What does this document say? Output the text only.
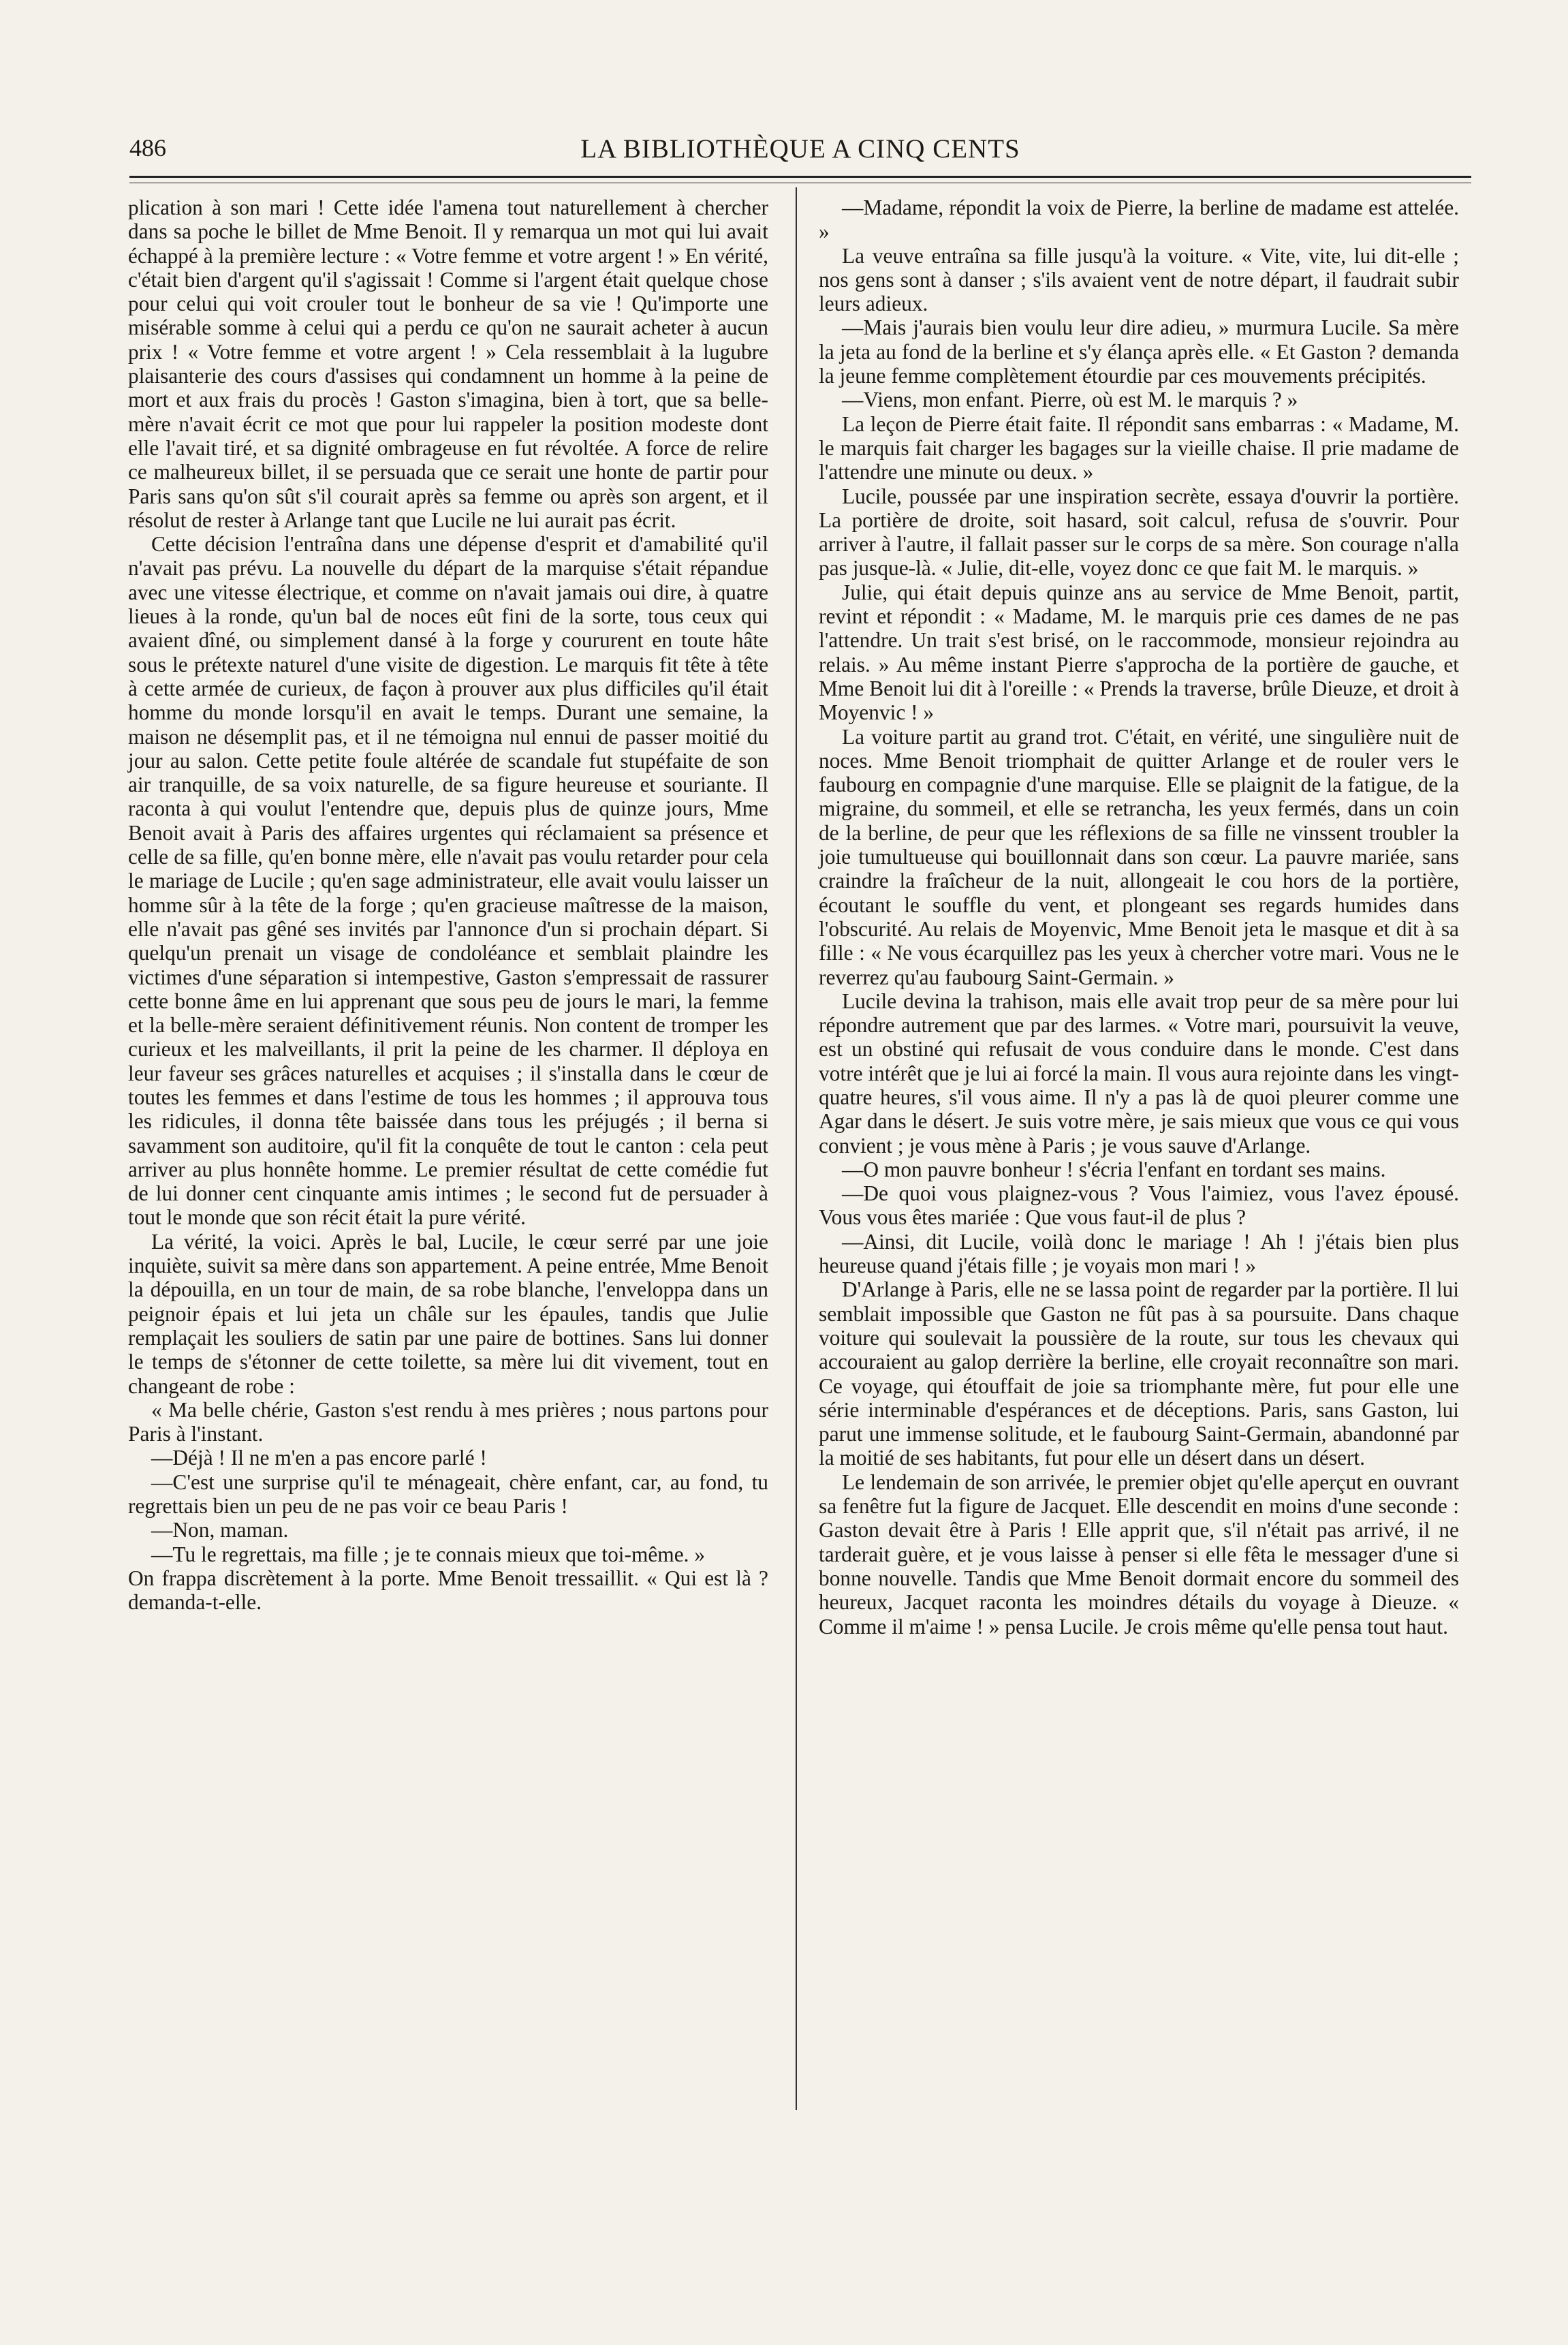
486	LA BIBLIOTHÈQUE A CINQ CENTS

plication à son mari ! Cette idée l'amena tout naturellement à chercher dans sa poche le billet de Mme Benoit. Il y remarqua un mot qui lui avait échappé à la première lecture : « Votre femme et votre argent ! » En vérité, c'était bien d'argent qu'il s'agissait ! Comme si l'argent était quelque chose pour celui qui voit crouler tout le bonheur de sa vie ! Qu'importe une misérable somme à celui qui a perdu ce qu'on ne saurait acheter à aucun prix ! « Votre femme et votre argent ! » Cela ressemblait à la lugubre plaisanterie des cours d'assises qui condamnent un homme à la peine de mort et aux frais du procès ! Gaston s'imagina, bien à tort, que sa belle-mère n'avait écrit ce mot que pour lui rappeler la position modeste dont elle l'avait tiré, et sa dignité ombrageuse en fut révoltée. A force de relire ce malheureux billet, il se persuada que ce serait une honte de partir pour Paris sans qu'on sût s'il courait après sa femme ou après son argent, et il résolut de rester à Arlange tant que Lucile ne lui aurait pas écrit.

Cette décision l'entraîna dans une dépense d'esprit et d'amabilité qu'il n'avait pas prévu. La nouvelle du départ de la marquise s'était répandue avec une vitesse électrique, et comme on n'avait jamais oui dire, à quatre lieues à la ronde, qu'un bal de noces eût fini de la sorte, tous ceux qui avaient dîné, ou simplement dansé à la forge y coururent en toute hâte sous le prétexte naturel d'une visite de digestion. Le marquis fit tête à tête à cette armée de curieux, de façon à prouver aux plus difficiles qu'il était homme du monde lorsqu'il en avait le temps. Durant une semaine, la maison ne désemplit pas, et il ne témoigna nul ennui de passer moitié du jour au salon. Cette petite foule altérée de scandale fut stupéfaite de son air tranquille, de sa voix naturelle, de sa figure heureuse et souriante. Il raconta à qui voulut l'entendre que, depuis plus de quinze jours, Mme Benoit avait à Paris des affaires urgentes qui réclamaient sa présence et celle de sa fille, qu'en bonne mère, elle n'avait pas voulu retarder pour cela le mariage de Lucile ; qu'en sage administrateur, elle avait voulu laisser un homme sûr à la tête de la forge ; qu'en gracieuse maîtresse de la maison, elle n'avait pas gêné ses invités par l'annonce d'un si prochain départ. Si quelqu'un prenait un visage de condoléance et semblait plaindre les victimes d'une séparation si intempestive, Gaston s'empressait de rassurer cette bonne âme en lui apprenant que sous peu de jours le mari, la femme et la belle-mère seraient définitivement réunis. Non content de tromper les curieux et les malveillants, il prit la peine de les charmer. Il déploya en leur faveur ses grâces naturelles et acquises ; il s'installa dans le cœur de toutes les femmes et dans l'estime de tous les hommes ; il approuva tous les ridicules, il donna tête baissée dans tous les préjugés ; il berna si savamment son auditoire, qu'il fit la conquête de tout le canton : cela peut arriver au plus honnête homme. Le premier résultat de cette comédie fut de lui donner cent cinquante amis intimes ; le second fut de persuader à tout le monde que son récit était la pure vérité.

La vérité, la voici. Après le bal, Lucile, le cœur serré par une joie inquiète, suivit sa mère dans son appartement. A peine entrée, Mme Benoit la dépouilla, en un tour de main, de sa robe blanche, l'enveloppa dans un peignoir épais et lui jeta un châle sur les épaules, tandis que Julie remplaçait les souliers de satin par une paire de bottines. Sans lui donner le temps de s'étonner de cette toilette, sa mère lui dit vivement, tout en changeant de robe :

« Ma belle chérie, Gaston s'est rendu à mes prières ; nous partons pour Paris à l'instant.

—Déjà ! Il ne m'en a pas encore parlé !

—C'est une surprise qu'il te ménageait, chère enfant, car, au fond, tu regrettais bien un peu de ne pas voir ce beau Paris !

—Non, maman.

—Tu le regrettais, ma fille ; je te connais mieux que toi-même. »

On frappa discrètement à la porte. Mme Benoit tressaillit. « Qui est là ? demanda-t-elle.

—Madame, répondit la voix de Pierre, la berline de madame est attelée. »

La veuve entraîna sa fille jusqu'à la voiture. « Vite, vite, lui dit-elle ; nos gens sont à danser ; s'ils avaient vent de notre départ, il faudrait subir leurs adieux.

—Mais j'aurais bien voulu leur dire adieu, » murmura Lucile. Sa mère la jeta au fond de la berline et s'y élança après elle. « Et Gaston ? demanda la jeune femme complètement étourdie par ces mouvements précipités.

—Viens, mon enfant. Pierre, où est M. le marquis ? »

La leçon de Pierre était faite. Il répondit sans embarras : « Madame, M. le marquis fait charger les bagages sur la vieille chaise. Il prie madame de l'attendre une minute ou deux. »

Lucile, poussée par une inspiration secrète, essaya d'ouvrir la portière. La portière de droite, soit hasard, soit calcul, refusa de s'ouvrir. Pour arriver à l'autre, il fallait passer sur le corps de sa mère. Son courage n'alla pas jusque-là. « Julie, dit-elle, voyez donc ce que fait M. le marquis. »

Julie, qui était depuis quinze ans au service de Mme Benoit, partit, revint et répondit : « Madame, M. le marquis prie ces dames de ne pas l'attendre. Un trait s'est brisé, on le raccommode, monsieur rejoindra au relais. » Au même instant Pierre s'approcha de la portière de gauche, et Mme Benoit lui dit à l'oreille : « Prends la traverse, brûle Dieuze, et droit à Moyenvic ! »

La voiture partit au grand trot. C'était, en vérité, une singulière nuit de noces. Mme Benoit triomphait de quitter Arlange et de rouler vers le faubourg en compagnie d'une marquise. Elle se plaignit de la fatigue, de la migraine, du sommeil, et elle se retrancha, les yeux fermés, dans un coin de la berline, de peur que les réflexions de sa fille ne vinssent troubler la joie tumultueuse qui bouillonnait dans son cœur. La pauvre mariée, sans craindre la fraîcheur de la nuit, allongeait le cou hors de la portière, écoutant le souffle du vent, et plongeant ses regards humides dans l'obscurité. Au relais de Moyenvic, Mme Benoit jeta le masque et dit à sa fille : « Ne vous écarquillez pas les yeux à chercher votre mari. Vous ne le reverrez qu'au faubourg Saint-Germain. »

Lucile devina la trahison, mais elle avait trop peur de sa mère pour lui répondre autrement que par des larmes. « Votre mari, poursuivit la veuve, est un obstiné qui refusait de vous conduire dans le monde. C'est dans votre intérêt que je lui ai forcé la main. Il vous aura rejointe dans les vingt-quatre heures, s'il vous aime. Il n'y a pas là de quoi pleurer comme une Agar dans le désert. Je suis votre mère, je sais mieux que vous ce qui vous convient ; je vous mène à Paris ; je vous sauve d'Arlange.

—O mon pauvre bonheur ! s'écria l'enfant en tordant ses mains.

—De quoi vous plaignez-vous ? Vous l'aimiez, vous l'avez épousé. Vous vous êtes mariée : Que vous faut-il de plus ?

—Ainsi, dit Lucile, voilà donc le mariage ! Ah ! j'étais bien plus heureuse quand j'étais fille ; je voyais mon mari ! »

D'Arlange à Paris, elle ne se lassa point de regarder par la portière. Il lui semblait impossible que Gaston ne fût pas à sa poursuite. Dans chaque voiture qui soulevait la poussière de la route, sur tous les chevaux qui accouraient au galop derrière la berline, elle croyait reconnaître son mari. Ce voyage, qui étouffait de joie sa triomphante mère, fut pour elle une série interminable d'espérances et de déceptions. Paris, sans Gaston, lui parut une immense solitude, et le faubourg Saint-Germain, abandonné par la moitié de ses habitants, fut pour elle un désert dans un désert.

Le lendemain de son arrivée, le premier objet qu'elle aperçut en ouvrant sa fenêtre fut la figure de Jacquet. Elle descendit en moins d'une seconde : Gaston devait être à Paris ! Elle apprit que, s'il n'était pas arrivé, il ne tarderait guère, et je vous laisse à penser si elle fêta le messager d'une si bonne nouvelle. Tandis que Mme Benoit dormait encore du sommeil des heureux, Jacquet raconta les moindres détails du voyage à Dieuze. « Comme il m'aime ! » pensa Lucile. Je crois même qu'elle pensa tout haut.
